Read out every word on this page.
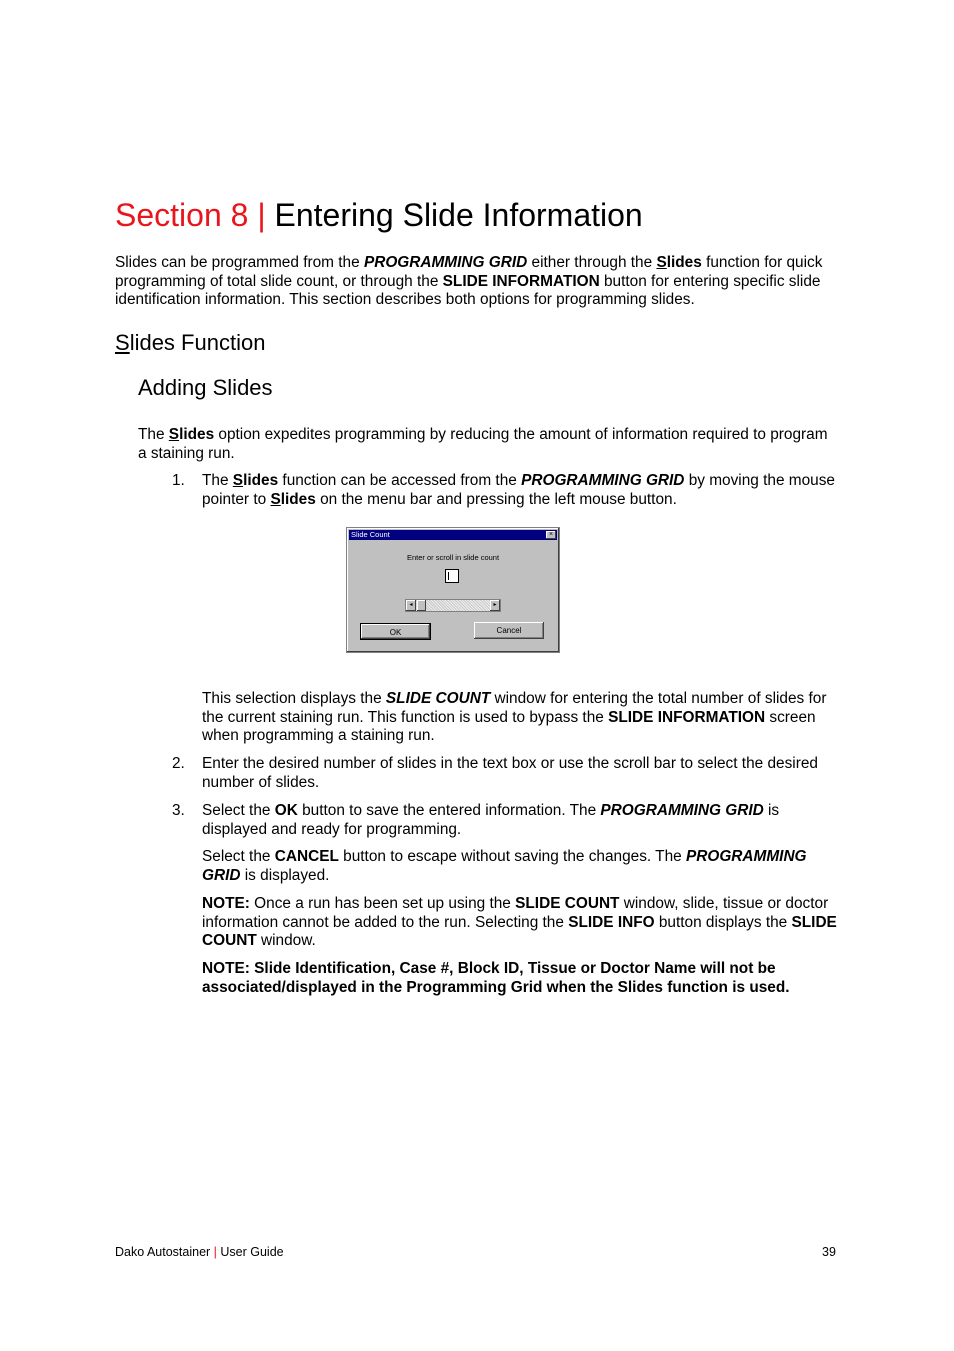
Section 8 | Entering Slide Information
Slides can be programmed from the PROGRAMMING GRID either through the Slides function for quick programming of total slide count, or through the SLIDE INFORMATION button for entering specific slide identification information. This section describes both options for programming slides.
Slides Function
Adding Slides
The Slides option expedites programming by reducing the amount of information required to program a staining run.
1. The Slides function can be accessed from the PROGRAMMING GRID by moving the mouse pointer to Slides on the menu bar and pressing the left mouse button.
Slide Count	×
Enter or scroll in slide count
◂	▸
OK	Cancel
This selection displays the SLIDE COUNT window for entering the total number of slides for the current staining run. This function is used to bypass the SLIDE INFORMATION screen when programming a staining run.
2. Enter the desired number of slides in the text box or use the scroll bar to select the desired number of slides.
3. Select the OK button to save the entered information. The PROGRAMMING GRID is displayed and ready for programming.
Select the CANCEL button to escape without saving the changes. The PROGRAMMING GRID is displayed.
NOTE: Once a run has been set up using the SLIDE COUNT window, slide, tissue or doctor information cannot be added to the run. Selecting the SLIDE INFO button displays the SLIDE COUNT window.
NOTE: Slide Identification, Case #, Block ID, Tissue or Doctor Name will not be associated/displayed in the Programming Grid when the Slides function is used.
Dako Autostainer | User Guide	39
